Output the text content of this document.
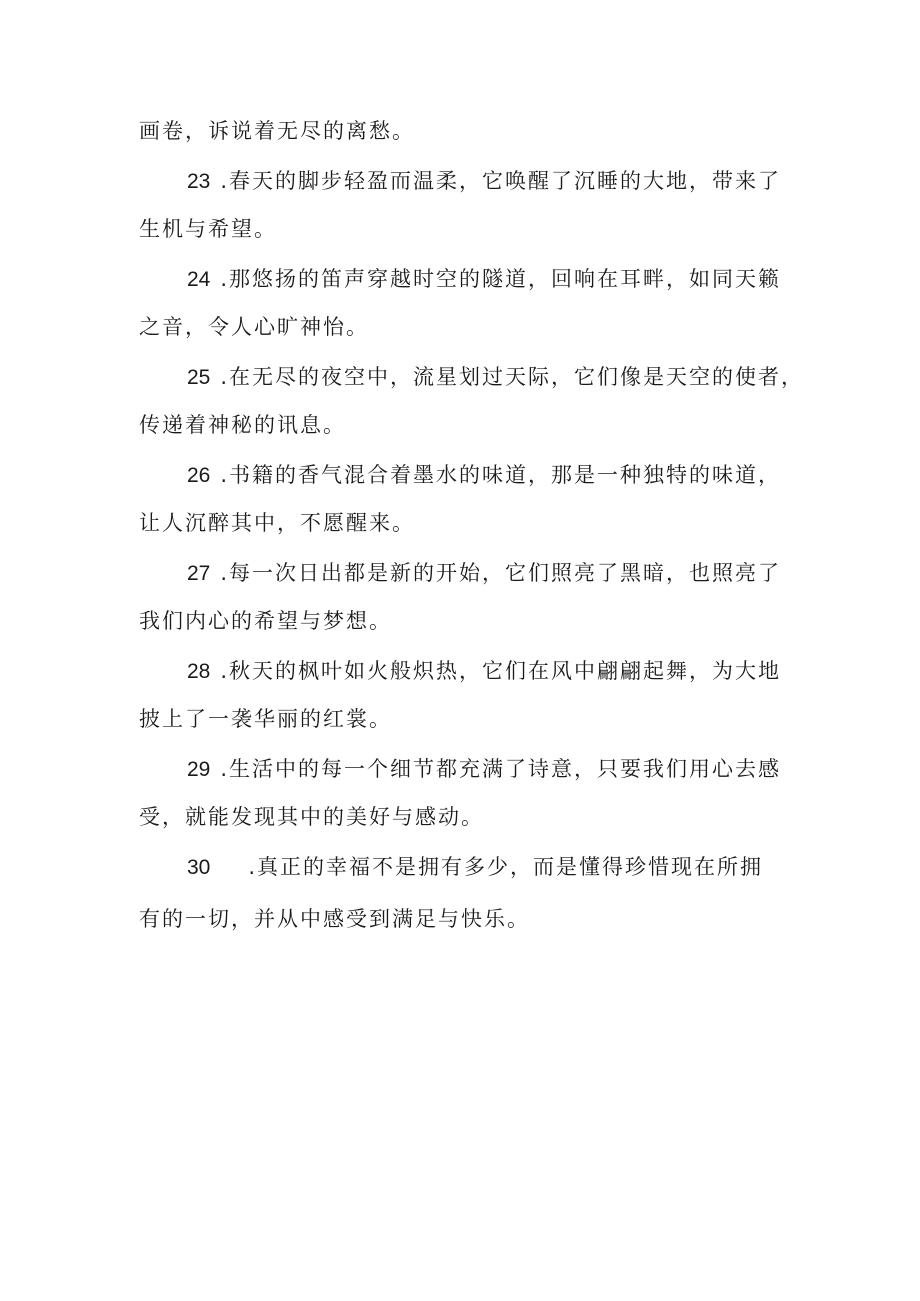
画卷，诉说着无尽的离愁。
23 .春天的脚步轻盈而温柔，它唤醒了沉睡的大地，带来了
生机与希望。
24 .那悠扬的笛声穿越时空的隧道，回响在耳畔，如同天籁
之音，令人心旷神怡。
25 .在无尽的夜空中，流星划过天际，它们像是天空的使者，
传递着神秘的讯息。
26 .书籍的香气混合着墨水的味道，那是一种独特的味道，
让人沉醉其中，不愿醒来。
27 .每一次日出都是新的开始，它们照亮了黑暗，也照亮了
我们内心的希望与梦想。
28 .秋天的枫叶如火般炽热，它们在风中翩翩起舞，为大地
披上了一袭华丽的红裳。
29 .生活中的每一个细节都充满了诗意，只要我们用心去感
受，就能发现其中的美好与感动。
30 .真正的幸福不是拥有多少，而是懂得珍惜现在所拥
有的一切，并从中感受到满足与快乐。
